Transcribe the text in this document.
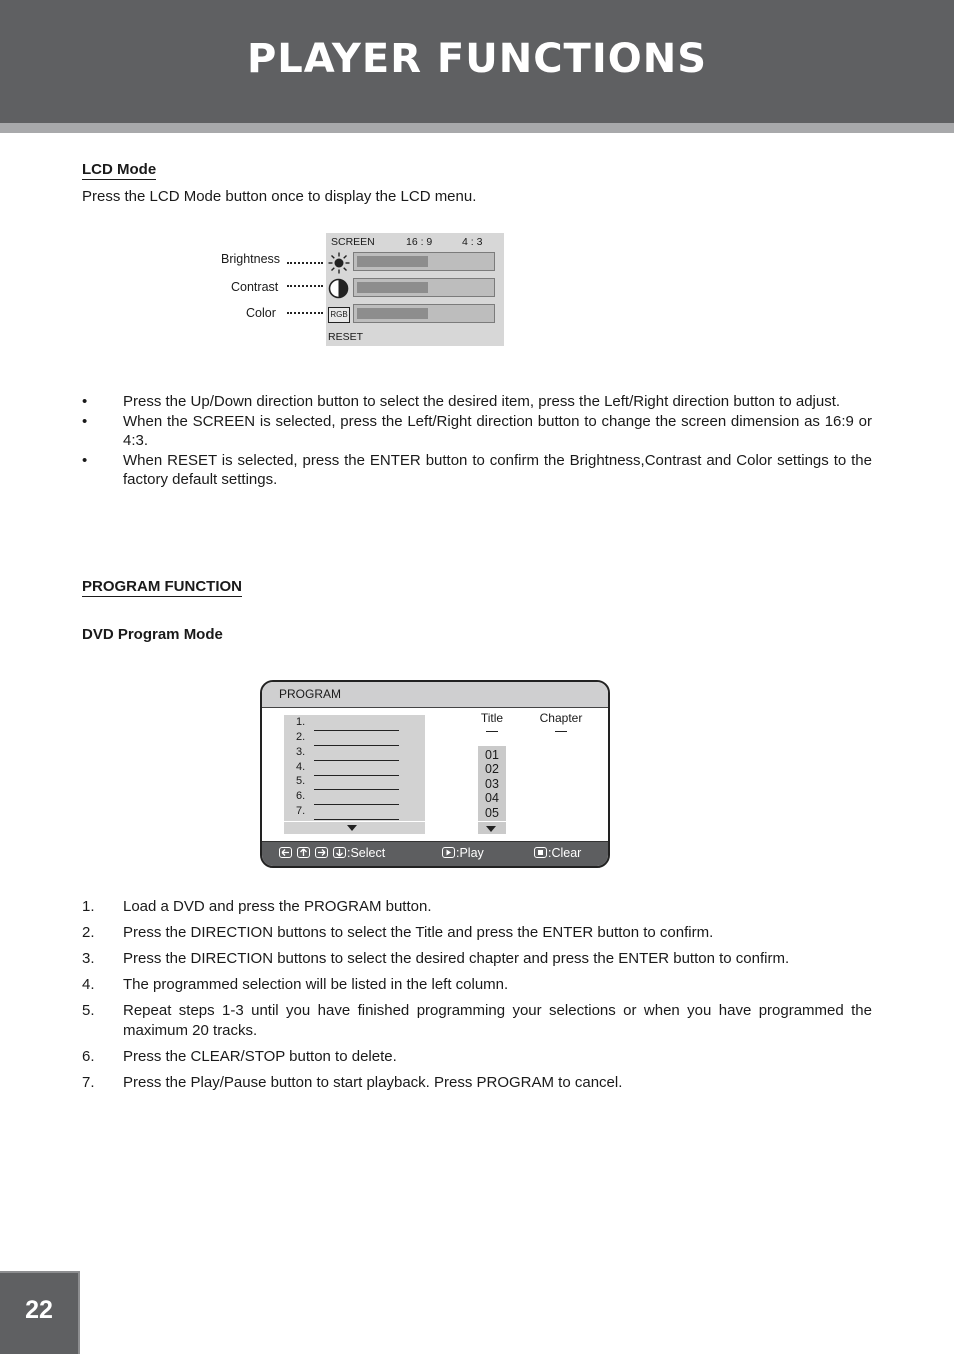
PLAYER FUNCTIONS
LCD Mode
Press the LCD Mode button once to display the LCD menu.
Brightness
Contrast
Color
SCREEN	16 : 9	4 : 3
RGB
RESET
• Press the Up/Down direction button to select the desired item, press the Left/Right direction button to adjust.
• When the SCREEN is selected, press the Left/Right direction button to change the screen dimension as 16:9 or 4:3.
• When RESET is selected, press the ENTER button to confirm the Brightness,Contrast and Color settings to the factory default settings.
PROGRAM FUNCTION
DVD Program Mode
PROGRAM
1.
2.
3.
4.
5.
6.
7.
Title	Chapter
01
02
03
04
05
:Select	:Play	:Clear
1. Load a DVD and press the PROGRAM button.
2. Press the DIRECTION buttons to select the Title and press the ENTER button to confirm.
3. Press the DIRECTION buttons to select the desired chapter and press the ENTER button to confirm.
4. The programmed selection will be listed in the left column.
5. Repeat steps 1-3 until you have finished programming your selections or when you have programmed the maximum 20 tracks.
6. Press the CLEAR/STOP button to delete.
7. Press the Play/Pause button to start playback. Press PROGRAM to cancel.
22
